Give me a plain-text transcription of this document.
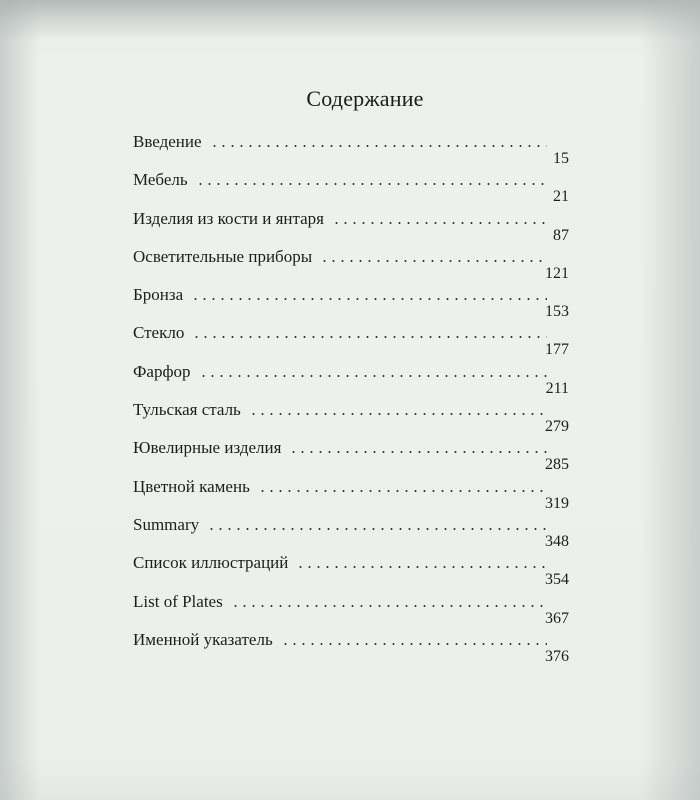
Содержание
Введение
15
Мебель
21
Изделия из кости и янтаря
87
Осветительные приборы
121
Бронза
153
Стекло
177
Фарфор
211
Тульская сталь
279
Ювелирные изделия
285
Цветной камень
319
Summary
348
Список иллюстраций
354
List of Plates
367
Именной указатель
376
